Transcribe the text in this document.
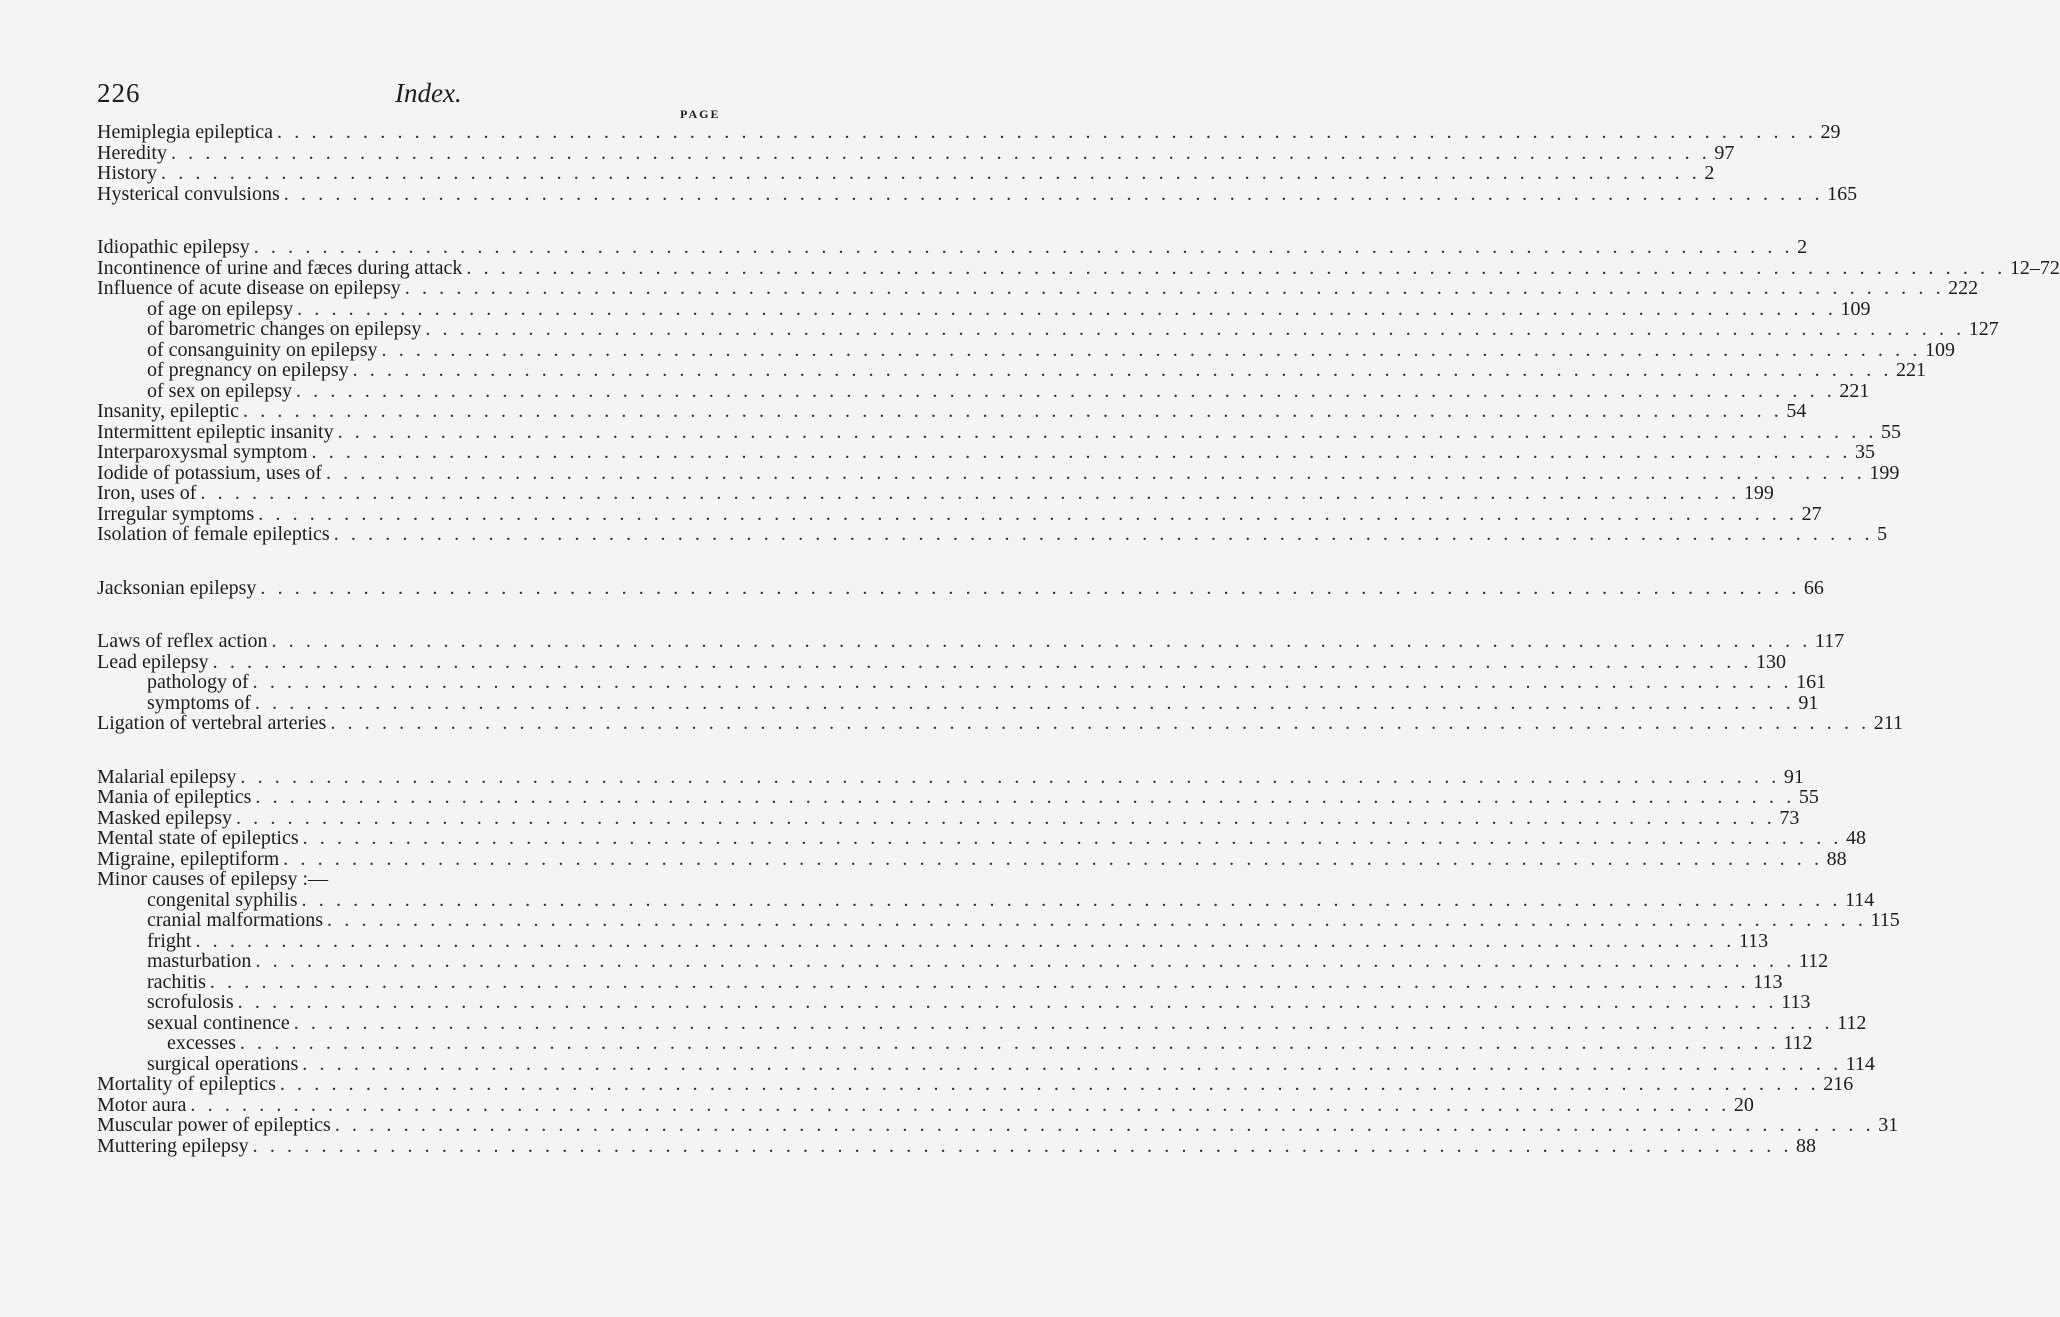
226	Index.
PAGE
Hemiplegia epileptica . . . . . . . . . . . . . . . . . . . . . . . . . . . . . . . . . . . . . . . . . . . . . . . . . . . . . . . . . . . . . . . . . . . . . . . . . . . . . . . . . . . . . . . . . . 29
Heredity . . . . . . . . . . . . . . . . . . . . . . . . . . . . . . . . . . . . . . . . . . . . . . . . . . . . . . . . . . . . . . . . . . . . . . . . . . . . . . . . . . . . . . . . . . 97
History . . . . . . . . . . . . . . . . . . . . . . . . . . . . . . . . . . . . . . . . . . . . . . . . . . . . . . . . . . . . . . . . . . . . . . . . . . . . . . . . . . . . . . . . . . 2
Hysterical convulsions . . . . . . . . . . . . . . . . . . . . . . . . . . . . . . . . . . . . . . . . . . . . . . . . . . . . . . . . . . . . . . . . . . . . . . . . . . . . . . . . . . . . . . . . . . 165
Idiopathic epilepsy . . . . . . . . . . . . . . . . . . . . . . . . . . . . . . . . . . . . . . . . . . . . . . . . . . . . . . . . . . . . . . . . . . . . . . . . . . . . . . . . . . . . . . . . . . 2
Incontinence of urine and fæces during attack . . . . . . . . . . . . . . . . . . . . . . . . . . . . . . . . . . . . . . . . . . . . . . . . . . . . . . . . . . . . . . . . . . . . . . . . . . . . . . . . . . . . . . . . . . 12–72
Influence of acute disease on epilepsy . . . . . . . . . . . . . . . . . . . . . . . . . . . . . . . . . . . . . . . . . . . . . . . . . . . . . . . . . . . . . . . . . . . . . . . . . . . . . . . . . . . . . . . . . . 222
of age on epilepsy . . . . . . . . . . . . . . . . . . . . . . . . . . . . . . . . . . . . . . . . . . . . . . . . . . . . . . . . . . . . . . . . . . . . . . . . . . . . . . . . . . . . . . . . . . 109
of barometric changes on epilepsy . . . . . . . . . . . . . . . . . . . . . . . . . . . . . . . . . . . . . . . . . . . . . . . . . . . . . . . . . . . . . . . . . . . . . . . . . . . . . . . . . . . . . . . . . . 127
of consanguinity on epilepsy . . . . . . . . . . . . . . . . . . . . . . . . . . . . . . . . . . . . . . . . . . . . . . . . . . . . . . . . . . . . . . . . . . . . . . . . . . . . . . . . . . . . . . . . . . 109
of pregnancy on epilepsy . . . . . . . . . . . . . . . . . . . . . . . . . . . . . . . . . . . . . . . . . . . . . . . . . . . . . . . . . . . . . . . . . . . . . . . . . . . . . . . . . . . . . . . . . . 221
of sex on epilepsy . . . . . . . . . . . . . . . . . . . . . . . . . . . . . . . . . . . . . . . . . . . . . . . . . . . . . . . . . . . . . . . . . . . . . . . . . . . . . . . . . . . . . . . . . . 221
Insanity, epileptic . . . . . . . . . . . . . . . . . . . . . . . . . . . . . . . . . . . . . . . . . . . . . . . . . . . . . . . . . . . . . . . . . . . . . . . . . . . . . . . . . . . . . . . . . . 54
Intermittent epileptic insanity . . . . . . . . . . . . . . . . . . . . . . . . . . . . . . . . . . . . . . . . . . . . . . . . . . . . . . . . . . . . . . . . . . . . . . . . . . . . . . . . . . . . . . . . . . 55
Interparoxysmal symptom . . . . . . . . . . . . . . . . . . . . . . . . . . . . . . . . . . . . . . . . . . . . . . . . . . . . . . . . . . . . . . . . . . . . . . . . . . . . . . . . . . . . . . . . . . 35
Iodide of potassium, uses of . . . . . . . . . . . . . . . . . . . . . . . . . . . . . . . . . . . . . . . . . . . . . . . . . . . . . . . . . . . . . . . . . . . . . . . . . . . . . . . . . . . . . . . . . . 199
Iron, uses of . . . . . . . . . . . . . . . . . . . . . . . . . . . . . . . . . . . . . . . . . . . . . . . . . . . . . . . . . . . . . . . . . . . . . . . . . . . . . . . . . . . . . . . . . . 199
Irregular symptoms . . . . . . . . . . . . . . . . . . . . . . . . . . . . . . . . . . . . . . . . . . . . . . . . . . . . . . . . . . . . . . . . . . . . . . . . . . . . . . . . . . . . . . . . . . 27
Isolation of female epileptics . . . . . . . . . . . . . . . . . . . . . . . . . . . . . . . . . . . . . . . . . . . . . . . . . . . . . . . . . . . . . . . . . . . . . . . . . . . . . . . . . . . . . . . . . . 5
Jacksonian epilepsy . . . . . . . . . . . . . . . . . . . . . . . . . . . . . . . . . . . . . . . . . . . . . . . . . . . . . . . . . . . . . . . . . . . . . . . . . . . . . . . . . . . . . . . . . . 66
Laws of reflex action . . . . . . . . . . . . . . . . . . . . . . . . . . . . . . . . . . . . . . . . . . . . . . . . . . . . . . . . . . . . . . . . . . . . . . . . . . . . . . . . . . . . . . . . . . 117
Lead epilepsy . . . . . . . . . . . . . . . . . . . . . . . . . . . . . . . . . . . . . . . . . . . . . . . . . . . . . . . . . . . . . . . . . . . . . . . . . . . . . . . . . . . . . . . . . . 130
pathology of . . . . . . . . . . . . . . . . . . . . . . . . . . . . . . . . . . . . . . . . . . . . . . . . . . . . . . . . . . . . . . . . . . . . . . . . . . . . . . . . . . . . . . . . . . 161
symptoms of . . . . . . . . . . . . . . . . . . . . . . . . . . . . . . . . . . . . . . . . . . . . . . . . . . . . . . . . . . . . . . . . . . . . . . . . . . . . . . . . . . . . . . . . . . 91
Ligation of vertebral arteries . . . . . . . . . . . . . . . . . . . . . . . . . . . . . . . . . . . . . . . . . . . . . . . . . . . . . . . . . . . . . . . . . . . . . . . . . . . . . . . . . . . . . . . . . . 211
Malarial epilepsy . . . . . . . . . . . . . . . . . . . . . . . . . . . . . . . . . . . . . . . . . . . . . . . . . . . . . . . . . . . . . . . . . . . . . . . . . . . . . . . . . . . . . . . . . . 91
Mania of epileptics . . . . . . . . . . . . . . . . . . . . . . . . . . . . . . . . . . . . . . . . . . . . . . . . . . . . . . . . . . . . . . . . . . . . . . . . . . . . . . . . . . . . . . . . . . 55
Masked epilepsy . . . . . . . . . . . . . . . . . . . . . . . . . . . . . . . . . . . . . . . . . . . . . . . . . . . . . . . . . . . . . . . . . . . . . . . . . . . . . . . . . . . . . . . . . . 73
Mental state of epileptics . . . . . . . . . . . . . . . . . . . . . . . . . . . . . . . . . . . . . . . . . . . . . . . . . . . . . . . . . . . . . . . . . . . . . . . . . . . . . . . . . . . . . . . . . . 48
Migraine, epileptiform . . . . . . . . . . . . . . . . . . . . . . . . . . . . . . . . . . . . . . . . . . . . . . . . . . . . . . . . . . . . . . . . . . . . . . . . . . . . . . . . . . . . . . . . . . 88
Minor causes of epilepsy :—
congenital syphilis . . . . . . . . . . . . . . . . . . . . . . . . . . . . . . . . . . . . . . . . . . . . . . . . . . . . . . . . . . . . . . . . . . . . . . . . . . . . . . . . . . . . . . . . . . 114
cranial malformations . . . . . . . . . . . . . . . . . . . . . . . . . . . . . . . . . . . . . . . . . . . . . . . . . . . . . . . . . . . . . . . . . . . . . . . . . . . . . . . . . . . . . . . . . . 115
fright . . . . . . . . . . . . . . . . . . . . . . . . . . . . . . . . . . . . . . . . . . . . . . . . . . . . . . . . . . . . . . . . . . . . . . . . . . . . . . . . . . . . . . . . . . 113
masturbation . . . . . . . . . . . . . . . . . . . . . . . . . . . . . . . . . . . . . . . . . . . . . . . . . . . . . . . . . . . . . . . . . . . . . . . . . . . . . . . . . . . . . . . . . . 112
rachitis . . . . . . . . . . . . . . . . . . . . . . . . . . . . . . . . . . . . . . . . . . . . . . . . . . . . . . . . . . . . . . . . . . . . . . . . . . . . . . . . . . . . . . . . . . 113
scrofulosis . . . . . . . . . . . . . . . . . . . . . . . . . . . . . . . . . . . . . . . . . . . . . . . . . . . . . . . . . . . . . . . . . . . . . . . . . . . . . . . . . . . . . . . . . . 113
sexual continence . . . . . . . . . . . . . . . . . . . . . . . . . . . . . . . . . . . . . . . . . . . . . . . . . . . . . . . . . . . . . . . . . . . . . . . . . . . . . . . . . . . . . . . . . . 112
excesses . . . . . . . . . . . . . . . . . . . . . . . . . . . . . . . . . . . . . . . . . . . . . . . . . . . . . . . . . . . . . . . . . . . . . . . . . . . . . . . . . . . . . . . . . . 112
surgical operations . . . . . . . . . . . . . . . . . . . . . . . . . . . . . . . . . . . . . . . . . . . . . . . . . . . . . . . . . . . . . . . . . . . . . . . . . . . . . . . . . . . . . . . . . . 114
Mortality of epileptics . . . . . . . . . . . . . . . . . . . . . . . . . . . . . . . . . . . . . . . . . . . . . . . . . . . . . . . . . . . . . . . . . . . . . . . . . . . . . . . . . . . . . . . . . . 216
Motor aura . . . . . . . . . . . . . . . . . . . . . . . . . . . . . . . . . . . . . . . . . . . . . . . . . . . . . . . . . . . . . . . . . . . . . . . . . . . . . . . . . . . . . . . . . . 20
Muscular power of epileptics . . . . . . . . . . . . . . . . . . . . . . . . . . . . . . . . . . . . . . . . . . . . . . . . . . . . . . . . . . . . . . . . . . . . . . . . . . . . . . . . . . . . . . . . . . 31
Muttering epilepsy . . . . . . . . . . . . . . . . . . . . . . . . . . . . . . . . . . . . . . . . . . . . . . . . . . . . . . . . . . . . . . . . . . . . . . . . . . . . . . . . . . . . . . . . . . 88
